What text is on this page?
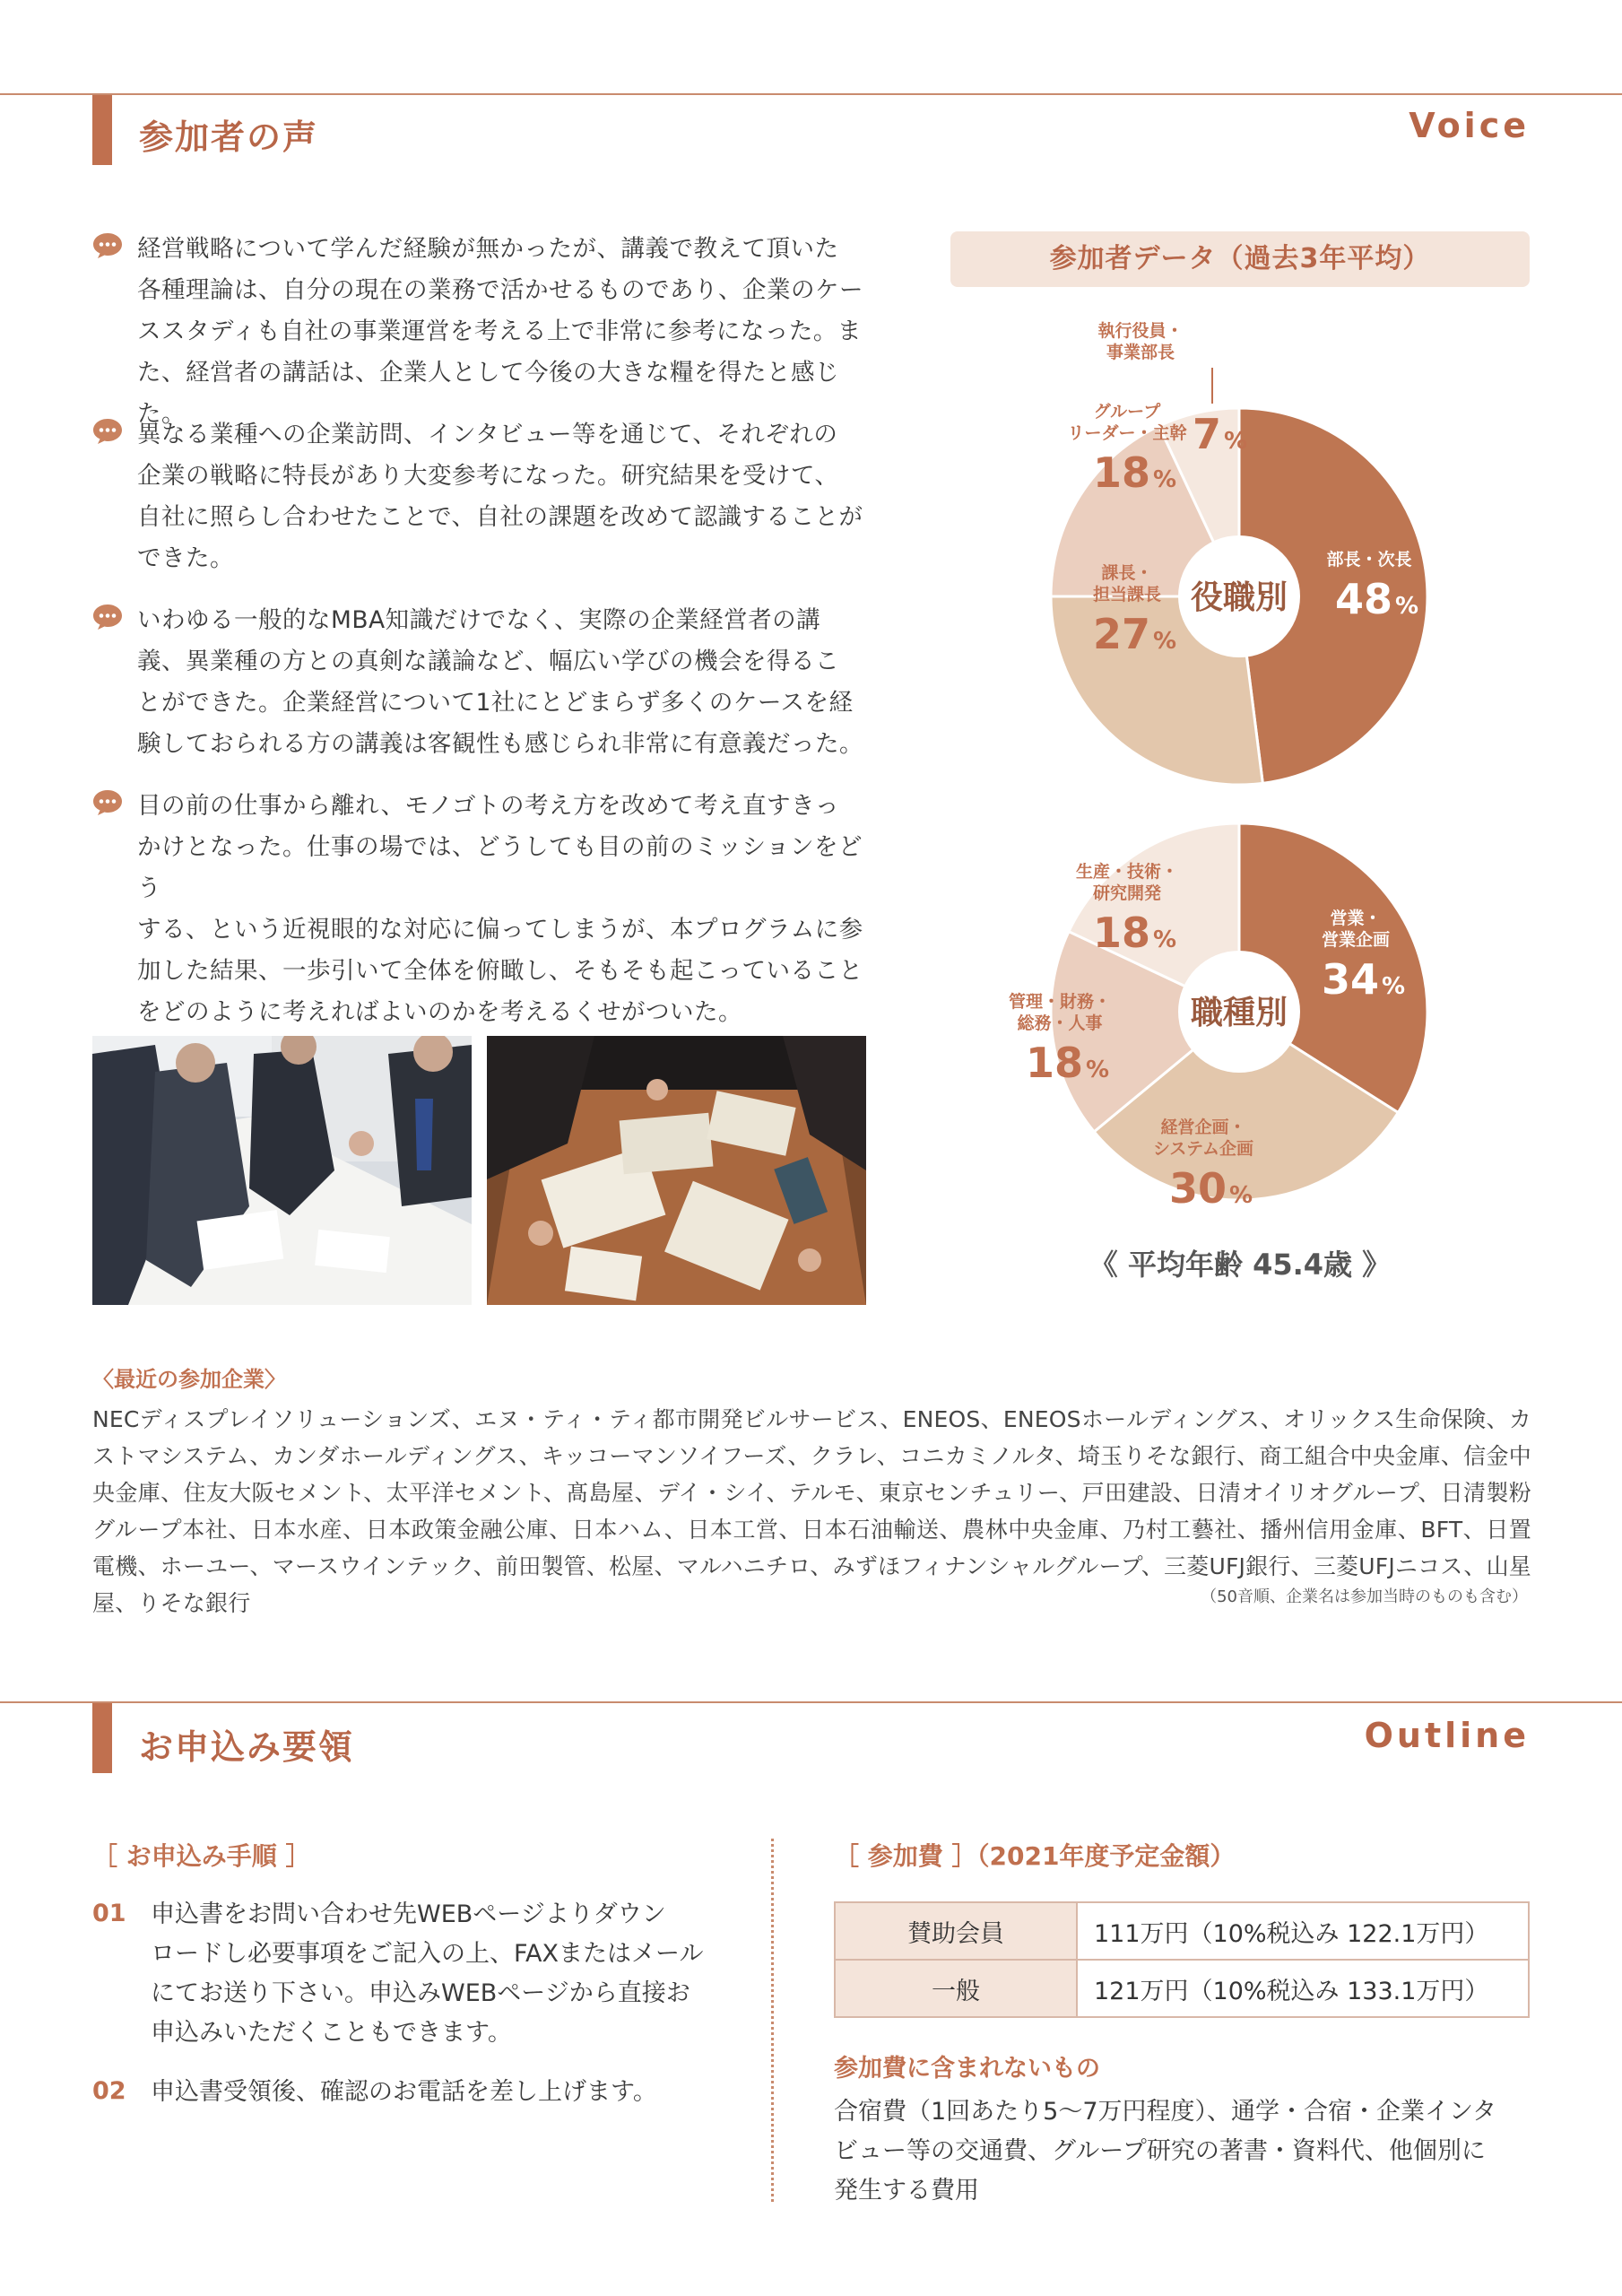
参加者の声	Voice
経営戦略について学んだ経験が無かったが、講義で教えて頂いた
各種理論は、自分の現在の業務で活かせるものであり、企業のケー
ススタディも自社の事業運営を考える上で非常に参考になった。ま
た、経営者の講話は、企業人として今後の大きな糧を得たと感じた。
異なる業種への企業訪問、インタビュー等を通じて、それぞれの
企業の戦略に特長があり大変参考になった。研究結果を受けて、
自社に照らし合わせたことで、自社の課題を改めて認識することが
できた。
いわゆる一般的なMBA知識だけでなく、実際の企業経営者の講
義、異業種の方との真剣な議論など、幅広い学びの機会を得るこ
とができた。企業経営について1社にとどまらず多くのケースを経
験しておられる方の講義は客観性も感じられ非常に有意義だった。
目の前の仕事から離れ、モノゴトの考え方を改めて考え直すきっ
かけとなった。仕事の場では、どうしても目の前のミッションをどう
する、という近視眼的な対応に偏ってしまうが、本プログラムに参
加した結果、一歩引いて全体を俯瞰し、そもそも起こっていること
をどのように考えればよいのかを考えるくせがついた。
参加者データ（過去3年平均）
役職別
部長・次長
48 %
課長・
担当課長
27 %
グループ
リーダー・主幹
18 %
執行役員・
事業部長
7 %
職種別
営業・
営業企画
34 %
経営企画・
システム企画
30 %
管理・財務・
総務・人事
18 %
生産・技術・
研究開発
18 %
《 平均年齢 45.4歳 》
〈最近の参加企業〉
NECディスプレイソリューションズ、エヌ・ティ・ティ都市開発ビルサービス、ENEOS、ENEOSホールディングス、オリックス生命保険、カストマシステム、カンダホールディングス、キッコーマンソイフーズ、クラレ、コニカミノルタ、埼玉りそな銀行、商工組合中央金庫、信金中央金庫、住友大阪セメント、太平洋セメント、髙島屋、デイ・シイ、テルモ、東京センチュリー、戸田建設、日清オイリオグループ、日清製粉グループ本社、日本水産、日本政策金融公庫、日本ハム、日本工営、日本石油輸送、農林中央金庫、乃村工藝社、播州信用金庫、BFT、日置電機、ホーユー、マースウインテック、前田製管、松屋、マルハニチロ、みずほフィナンシャルグループ、三菱UFJ銀行、三菱UFJニコス、山星屋、りそな銀行	（50音順、企業名は参加当時のものも含む）
お申込み要領	Outline
［ お申込み手順 ］
01 申込書をお問い合わせ先WEBページよりダウン
ロードし必要事項をご記入の上、FAXまたはメール
にてお送り下さい。申込みWEBページから直接お
申込みいただくこともできます。
02 申込書受領後、確認のお電話を差し上げます。
［ 参加費 ］（2021年度予定金額）
賛助会員	111万円（10%税込み 122.1万円）
一般	121万円（10%税込み 133.1万円）
参加費に含まれないもの
合宿費（1回あたり5～7万円程度）、通学・合宿・企業インタ
ビュー等の交通費、グループ研究の著書・資料代、他個別に
発生する費用
